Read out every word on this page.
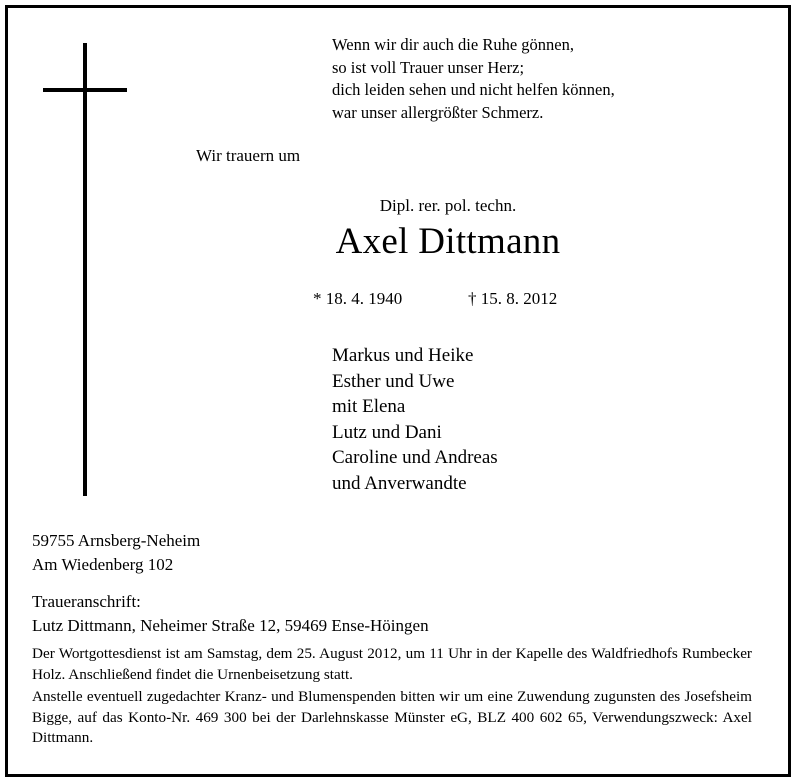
Wenn wir dir auch die Ruhe gönnen,
so ist voll Trauer unser Herz;
dich leiden sehen und nicht helfen können,
war unser allergrößter Schmerz.
Wir trauern um
Dipl. rer. pol. techn.
Axel Dittmann
* 18. 4. 1940	† 15. 8. 2012
Markus und Heike
Esther und Uwe
mit Elena
Lutz und Dani
Caroline und Andreas
und Anverwandte
59755 Arnsberg-Neheim
Am Wiedenberg 102
Traueranschrift:
Lutz Dittmann, Neheimer Straße 12, 59469 Ense-Höingen
Der Wortgottesdienst ist am Samstag, dem 25. August 2012, um 11 Uhr in der Kapelle des Waldfriedhofs Rumbecker Holz. Anschließend findet die Urnenbeisetzung statt.
Anstelle eventuell zugedachter Kranz- und Blumenspenden bitten wir um eine Zuwendung zugunsten des Josefsheim Bigge, auf das Konto-Nr. 469 300 bei der Darlehnskasse Münster eG, BLZ 400 602 65, Verwendungszweck: Axel Dittmann.
